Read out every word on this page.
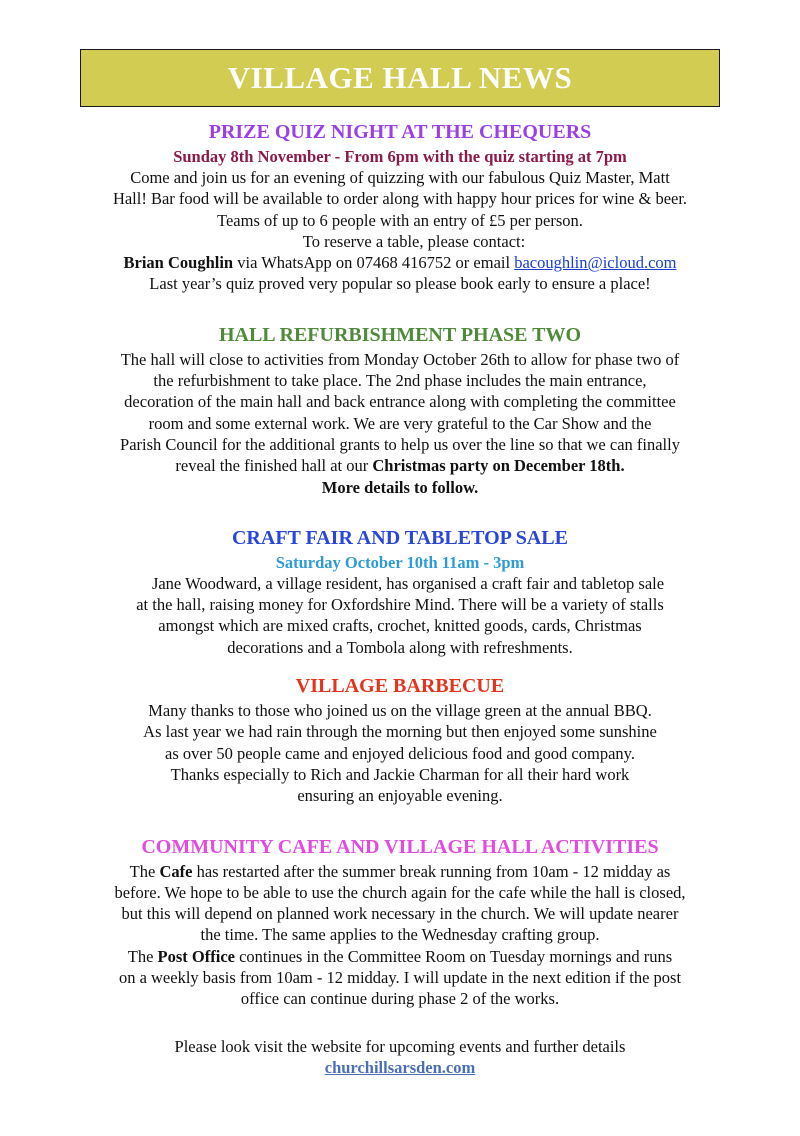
VILLAGE HALL NEWS
PRIZE QUIZ NIGHT AT THE CHEQUERS

Sunday 8th November - From 6pm with the quiz starting at 7pm

Come and join us for an evening of quizzing with our fabulous Quiz Master, Matt

Hall! Bar food will be available to order along with happy hour prices for wine & beer.

Teams of up to 6 people with an entry of £5 per person.

To reserve a table, please contact:

Brian Coughlin via WhatsApp on 07468 416752 or email bacoughlin@icloud.com

Last year’s quiz proved very popular so please book early to ensure a place!

HALL REFURBISHMENT PHASE TWO

The hall will close to activities from Monday October 26th to allow for phase two of

the refurbishment to take place. The 2nd phase includes the main entrance,

decoration of the main hall and back entrance along with completing the committee

room and some external work. We are very grateful to the Car Show and the

Parish Council for the additional grants to help us over the line so that we can finally

reveal the finished hall at our Christmas party on December 18th.

More details to follow.

CRAFT FAIR AND TABLETOP SALE

Saturday October 10th 11am - 3pm

Jane Woodward, a village resident, has organised a craft fair and tabletop sale

at the hall, raising money for Oxfordshire Mind. There will be a variety of stalls

amongst which are mixed crafts, crochet, knitted goods, cards, Christmas

decorations and a Tombola along with refreshments.

VILLAGE BARBECUE

Many thanks to those who joined us on the village green at the annual BBQ.

As last year we had rain through the morning but then enjoyed some sunshine

as over 50 people came and enjoyed delicious food and good company.

Thanks especially to Rich and Jackie Charman for all their hard work

ensuring an enjoyable evening.

COMMUNITY CAFE AND VILLAGE HALL ACTIVITIES

The Cafe has restarted after the summer break running from 10am - 12 midday as

before. We hope to be able to use the church again for the cafe while the hall is closed,

but this will depend on planned work necessary in the church. We will update nearer

the time. The same applies to the Wednesday crafting group.

The Post Office continues in the Committee Room on Tuesday mornings and runs

on a weekly basis from 10am - 12 midday. I will update in the next edition if the post

office can continue during phase 2 of the works.

Please look visit the website for upcoming events and further details

churchillsarsden.com
